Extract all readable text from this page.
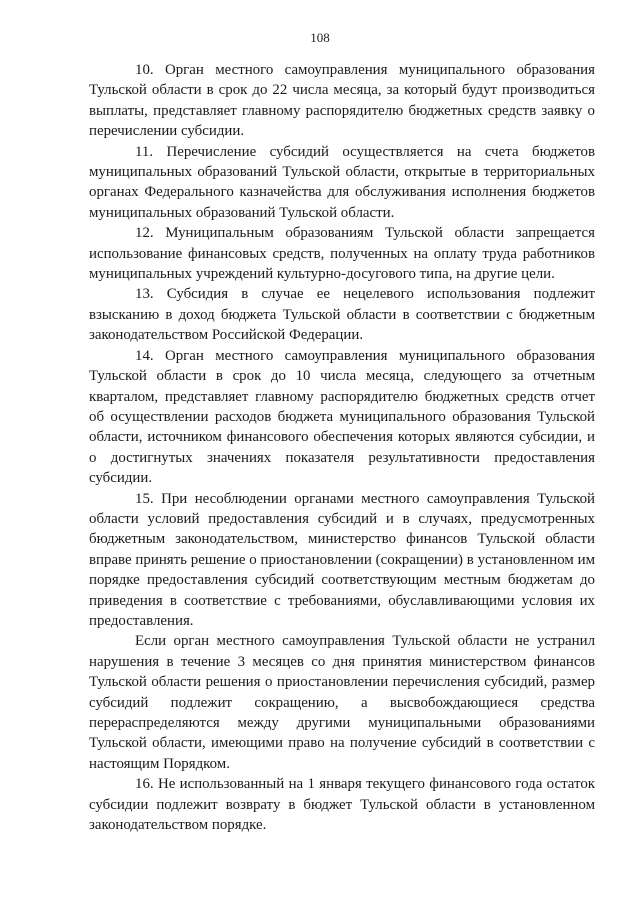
108

10. Орган местного самоуправления муниципального образования Тульской области в срок до 22 числа месяца, за который будут производиться выплаты, представляет главному распорядителю бюджетных средств заявку о перечислении субсидии.

11. Перечисление субсидий осуществляется на счета бюджетов муниципальных образований Тульской области, открытые в территориальных органах Федерального казначейства для обслуживания исполнения бюджетов муниципальных образований Тульской области.

12. Муниципальным образованиям Тульской области запрещается использование финансовых средств, полученных на оплату труда работников муниципальных учреждений культурно-досугового типа, на другие цели.

13. Субсидия в случае ее нецелевого использования подлежит взысканию в доход бюджета Тульской области в соответствии с бюджетным законодательством Российской Федерации.

14. Орган местного самоуправления муниципального образования Тульской области в срок до 10 числа месяца, следующего за отчетным кварталом, представляет главному распорядителю бюджетных средств отчет об осуществлении расходов бюджета муниципального образования Тульской области, источником финансового обеспечения которых являются субсидии, и о достигнутых значениях показателя результативности предоставления субсидии.

15. При несоблюдении органами местного самоуправления Тульской области условий предоставления субсидий и в случаях, предусмотренных бюджетным законодательством, министерство финансов Тульской области вправе принять решение о приостановлении (сокращении) в установленном им порядке предоставления субсидий соответствующим местным бюджетам до приведения в соответствие с требованиями, обуславливающими условия их предоставления.

Если орган местного самоуправления Тульской области не устранил нарушения в течение 3 месяцев со дня принятия министерством финансов Тульской области решения о приостановлении перечисления субсидий, размер субсидий подлежит сокращению, а высвобождающиеся средства перераспределяются между другими муниципальными образованиями Тульской области, имеющими право на получение субсидий в соответствии с настоящим Порядком.

16. Не использованный на 1 января текущего финансового года остаток субсидии подлежит возврату в бюджет Тульской области в установленном законодательством порядке.
